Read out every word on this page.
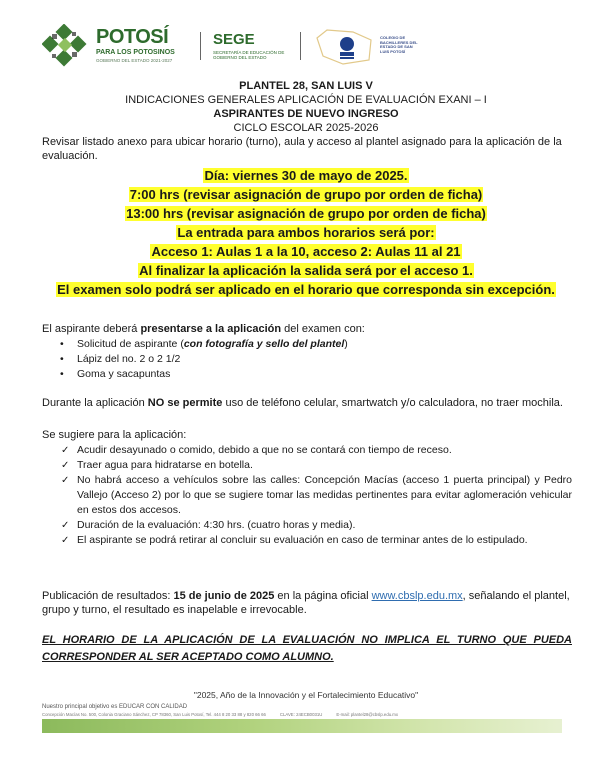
POTOSÍ
PARA LOS POTOSINOS
GOBIERNO DEL ESTADO 2021-2027
SEGE
SECRETARÍA DE EDUCACIÓN DE GOBIERNO DEL ESTADO
COLEGIO DE BACHILLERES DEL ESTADO DE SAN LUIS POTOSÍ
PLANTEL 28, SAN LUIS V
INDICACIONES GENERALES APLICACIÓN DE EVALUACIÓN EXANI – I
ASPIRANTES DE NUEVO INGRESO
CICLO ESCOLAR 2025-2026
Revisar listado anexo para ubicar horario (turno), aula y acceso al plantel asignado para la aplicación de la evaluación.
Día: viernes 30 de mayo de 2025.
7:00 hrs (revisar asignación de grupo por orden de ficha)
13:00 hrs (revisar asignación de grupo por orden de ficha)
La entrada para ambos horarios será por:
Acceso 1: Aulas 1 a la 10, acceso 2: Aulas 11 al 21
Al finalizar la aplicación la salida será por el acceso 1.
El examen solo podrá ser aplicado en el horario que corresponda sin excepción.
El aspirante deberá presentarse a la aplicación del examen con:
• Solicitud de aspirante (con fotografía y sello del plantel)
• Lápiz del no. 2 o 2 1/2
• Goma y sacapuntas
Durante la aplicación NO se permite uso de teléfono celular, smartwatch y/o calculadora, no traer mochila.
Se sugiere para la aplicación:
✓ Acudir desayunado o comido, debido a que no se contará con tiempo de receso.
✓ Traer agua para hidratarse en botella.
✓ No habrá acceso a vehículos sobre las calles: Concepción Macías (acceso 1 puerta principal) y Pedro Vallejo (Acceso 2) por lo que se sugiere tomar las medidas pertinentes para evitar aglomeración vehicular en estos dos accesos.
✓ Duración de la evaluación: 4:30 hrs. (cuatro horas y media).
✓ El aspirante se podrá retirar al concluir su evaluación en caso de terminar antes de lo estipulado.
Publicación de resultados: 15 de junio de 2025 en la página oficial www.cbslp.edu.mx, señalando el plantel, grupo y turno, el resultado es inapelable e irrevocable.
EL HORARIO DE LA APLICACIÓN DE LA EVALUACIÓN NO IMPLICA EL TURNO QUE PUEDA CORRESPONDER AL SER ACEPTADO COMO ALUMNO.
"2025, Año de la Innovación y el Fortalecimiento Educativo"
Nuestro principal objetivo es EDUCAR CON CALIDAD
Concepción Macías No. 500, Colonia Graciano Sánchez, CP 78360, San Luis Potosí, Tel. 444 8 20 33 88 y 820 66 66	CLAVE: 24ECB0031U	E-mail: plantel28@cbslp.edu.mx
